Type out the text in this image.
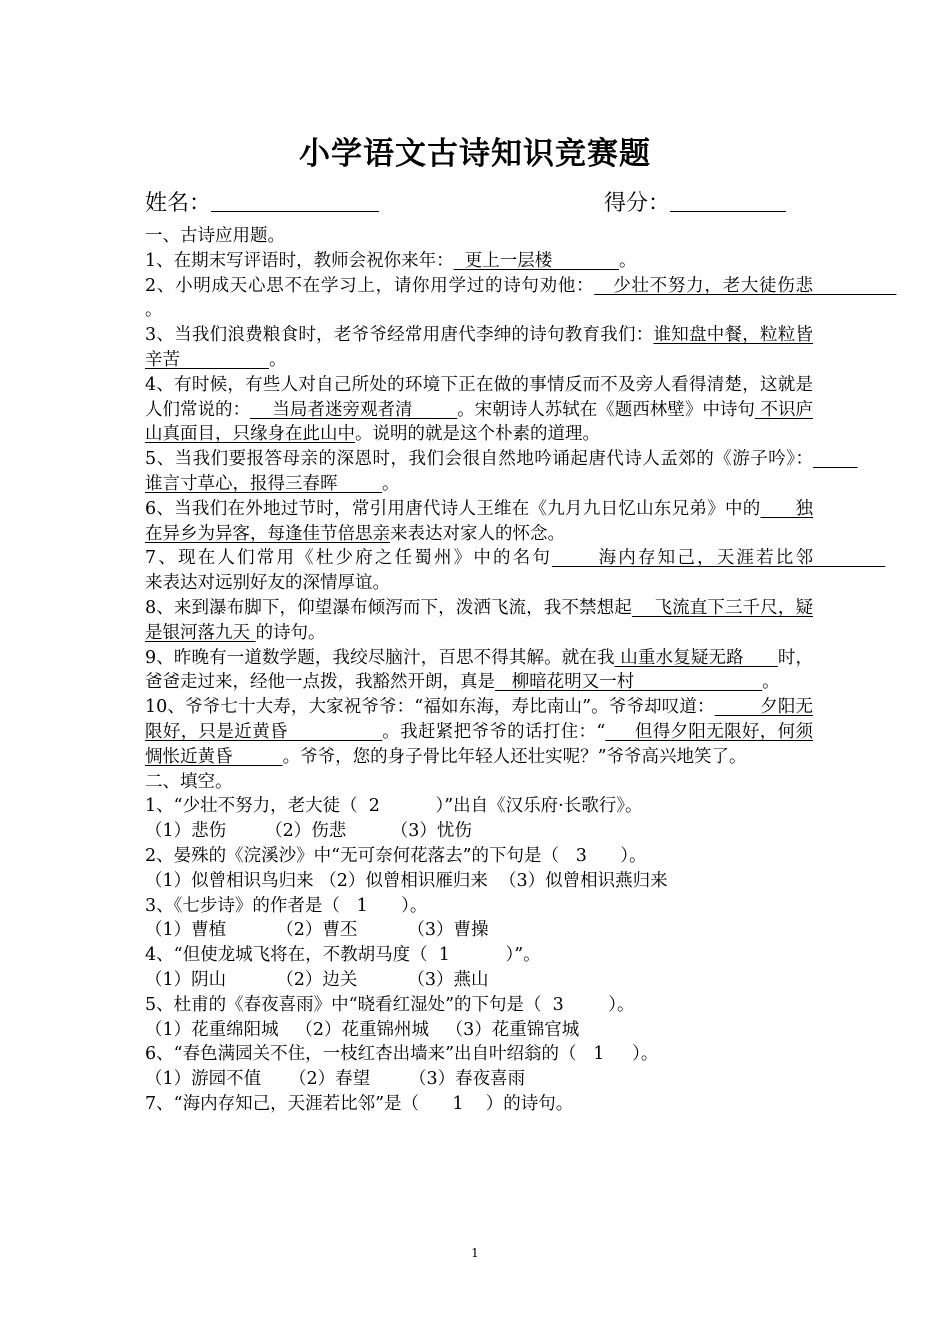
小学语文古诗知识竞赛题
姓名：	得分：

一、古诗应用题。

1、在期末写评语时，教师会祝你来年：  更上一层楼            。

2、小明成天心思不在学习上，请你用学过的诗句劝他：   少壮不努力，老大徒伤悲               。

3、当我们浪费粮食时，老爷爷经常用唐代李绅的诗句教育我们：谁知盘中餐，粒粒皆辛苦                。

4、有时候，有些人对自己所处的环境下正在做的事情反而不及旁人看得清楚，这就是人们常说的：    当局者迷旁观者清        。宋朝诗人苏轼在《题西林壁》中诗句 不识庐山真面目，只缘身在此山中。说明的就是这个朴素的道理。

5、当我们要报答母亲的深恩时，我们会很自然地吟诵起唐代诗人孟郊的《游子吟》：        谁言寸草心，报得三春晖        。

6、当我们在外地过节时，常引用唐代诗人王维在《九月九日忆山东兄弟》中的      独在异乡为异客，每逢佳节倍思亲来表达对家人的怀念。

7、现在人们常用《杜少府之任蜀州》中的名句      海内存知己，天涯若比邻             来表达对远别好友的深情厚谊。

8、来到瀑布脚下，仰望瀑布倾泻而下，泼洒飞流，我不禁想起    飞流直下三千尺，疑是银河落九天 的诗句。

9、昨晚有一道数学题，我绞尽脑汁，百思不得其解。就在我 山重水复疑无路      时，爸爸走过来，经他一点拨，我豁然开朗，真是   柳暗花明又一村                       。

10、爷爷七十大寿，大家祝爷爷：“福如东海，寿比南山”。爷爷却叹道：        夕阳无限好，只是近黄昏                。我赶紧把爷爷的话打住：“     但得夕阳无限好，何须惆怅近黄昏         。爷爷，您的身子骨比年轻人还壮实呢？”爷爷高兴地笑了。

二、填空。

1、“少壮不努力，老大徒（  2          ）”出自《汉乐府·长歌行》。

（1）悲伤       （2）伤悲        （3）忧伤

2、晏殊的《浣溪沙》中“无可奈何花落去”的下句是（   3      ）。

（1）似曾相识鸟归来 （2）似曾相识雁归来  （3）似曾相识燕归来

3、《七步诗》的作者是（   1      ）。

（1）曹植         （2）曹丕         （3）曹操

4、“但使龙城飞将在，不教胡马度（  1          ）”。

（1）阴山         （2）边关         （3）燕山

5、杜甫的《春夜喜雨》中“晓看红湿处”的下句是（  3        ）。

（1）花重绵阳城   （2）花重锦州城   （3）花重锦官城

6、“春色满园关不住，一枝红杏出墙来”出自叶绍翁的（   1     ）。

（1）游园不值     （2）春望       （3）春夜喜雨

7、“海内存知己，天涯若比邻”是（      1    ）的诗句。

1
